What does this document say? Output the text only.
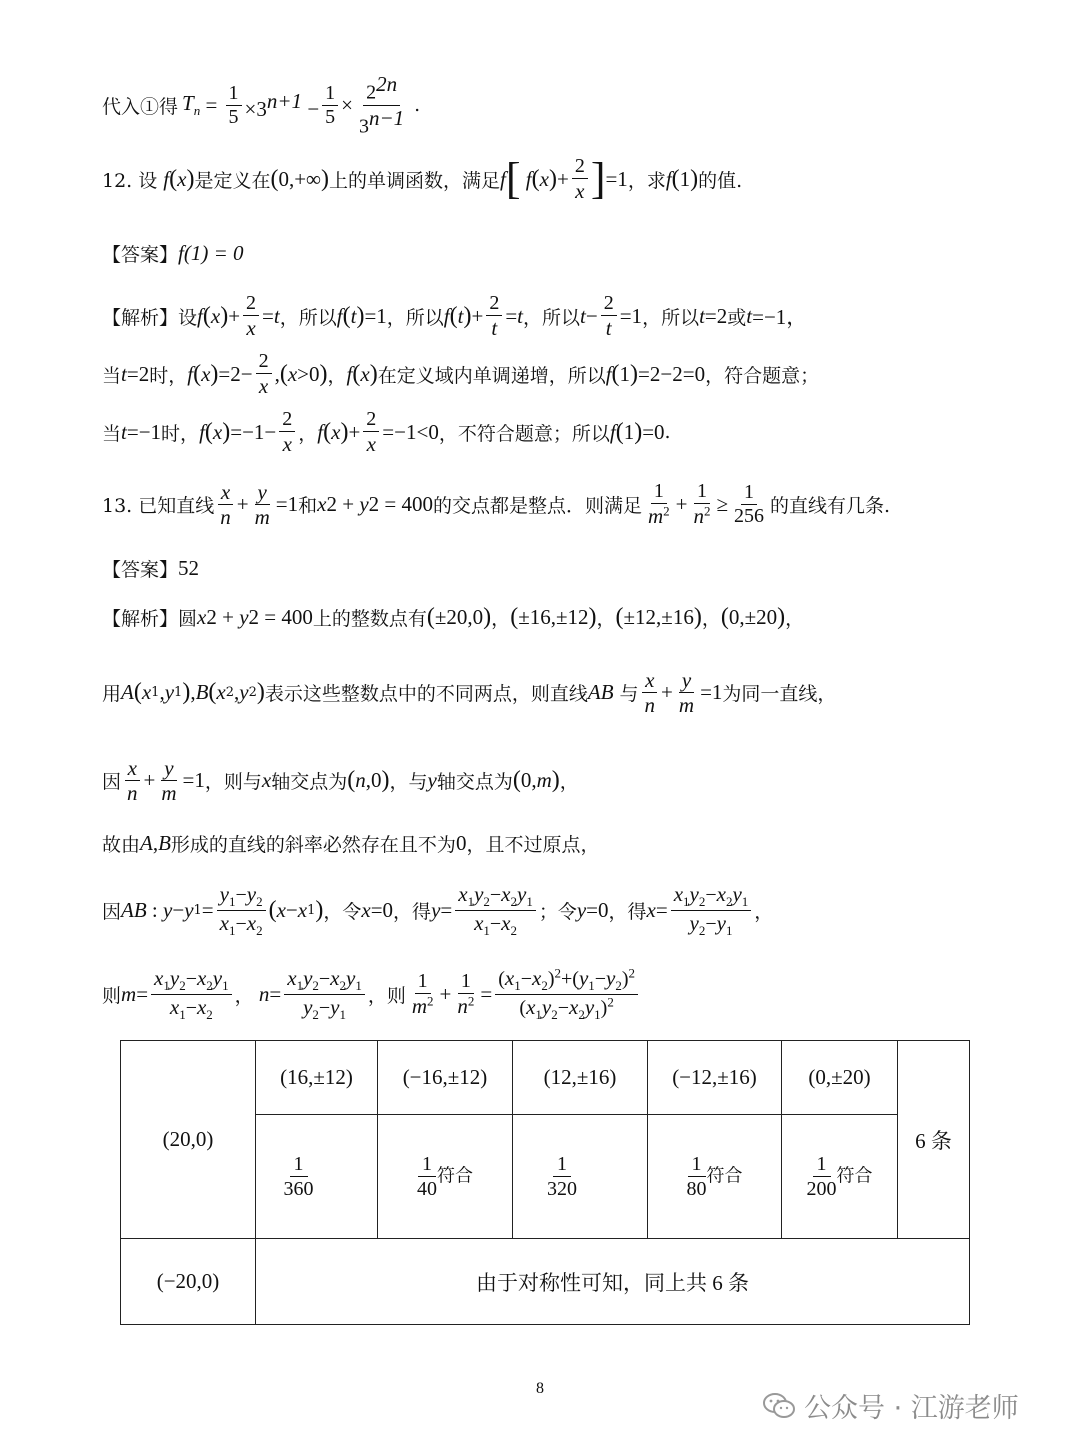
代入①得 $T_n = \frac{1}{5} \times 3^{n+1} - \frac{1}{5} \times \frac{2^{2n}}{3^{n-1}}$ .
12. 设 f ( x ) 是定义在 ( 0,+∞ ) 上的单调函数，满足 f [ f ( x ) + $\frac{2}{x}$ ] =1 ，求 f ( 1 ) 的值.
【答案】 f(1) = 0
【解析】 设 f ( x ) + $\frac{2}{x} = t$ ，所以 f ( t ) =1 ，所以 f ( t ) + $\frac{2}{t} = t$ ，所以 $t - \frac{2}{t} =1$ ，所以 t =2 或 t =−1，
当 t =2 时， f ( x ) $=2- \frac{2}{x}$ , ( x >0 ) ， f ( x ) 在定义域内单调递增，所以 f ( 1 ) =2−2=0 ，符合题意；
当 t =−1 时， f ( x ) $=-1- \frac{2}{x}$ ， f ( x ) + $\frac{2}{x} =-1<0$ ，不符合题意；所以 f ( 1 ) =0 .
13. 已知直线 $\frac{x}{n} + \frac{y}{m} =1$ 和 x 2 + y 2 = 400 的交点都是整点．则满足 $\frac{1}{m^2} + \frac{1}{n^2} \ge \frac{1}{256}$ 的直线有几条.
【答案】 52
【解析】 圆 x 2 + y 2 = 400 上的整数点有 ( ±20,0 ) ， ( ±16,±12 ) ， ( ±12,±16 ) ， ( 0,±20 ) ，
用 A ( x 1 , y 1 ) , B ( x 2 , y 2 ) 表示这些整数点中的不同两点，则直线 AB 与 $\frac{x}{n} + \frac{y}{m} =1$ 为同一直线，
因 $\frac{x}{n} + \frac{y}{m} =1$ ，则与 x 轴交点为 ( n ,0 ) ，与 y 轴交点为 ( 0, m ) ，
故由 A , B 形成的直线的斜率必然存在且不为 0 ，且不过原点，
因 AB : y − y $1 = \frac{y_1-y_2}{x_1-x_2}$ ( x − x 1 ) ，令 x =0 ，得 $y = \frac{x_1y_2-x_2y_1}{x_1-x_2}$ ；令 y =0 ，得 $x = \frac{x_1y_2-x_2y_1}{y_2-y_1}$ ，
则 $m = \frac{x_1y_2-x_2y_1}{x_1-x_2}$ ， $n = \frac{x_1y_2-x_2y_1}{y_2-y_1}$ ，则 $\frac{1}{m^2} + \frac{1}{n^2} = \frac{(x_1-x_2)^2+(y_1-y_2)^2}{(x_1y_2-x_2y_1)^2}$
(20,0)	(16,±12)	(−16,±12)	(12,±16)	(−12,±16)	(0,±20)	6 条

	$\frac{1}{360}$	$\frac{1}{40}$ 符合	$\frac{1}{320}$	$\frac{1}{80}$ 符合	$\frac{1}{200}$ 符合	
(−20,0)	由于对称性可知，同上共 6 条					
8
公众号 · 江游老师
